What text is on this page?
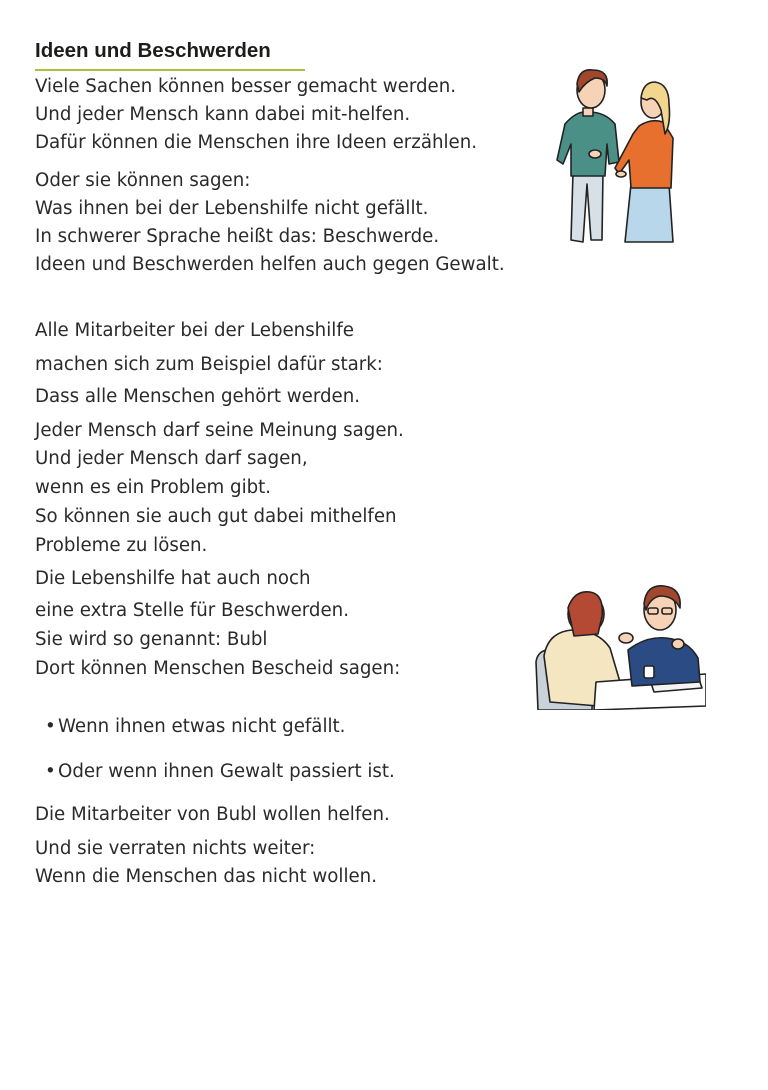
Ideen und Beschwerden

Viele Sachen können besser gemacht werden.

Und jeder Mensch kann dabei mit-helfen.

Dafür können die Menschen ihre Ideen erzählen.

Oder sie können sagen:

Was ihnen bei der Lebenshilfe nicht gefällt.

In schwerer Sprache heißt das: Beschwerde.

Ideen und Beschwerden helfen auch gegen Gewalt.

Alle Mitarbeiter bei der Lebenshilfe

machen sich zum Beispiel dafür stark:

Dass alle Menschen gehört werden.

Jeder Mensch darf seine Meinung sagen.

Und jeder Mensch darf sagen,

wenn es ein Problem gibt.

So können sie auch gut dabei mithelfen

Probleme zu lösen.

Die Lebenshilfe hat auch noch

eine extra Stelle für Beschwerden.

Sie wird so genannt: Bubl

Dort können Menschen Bescheid sagen:

• Wenn ihnen etwas nicht gefällt.

• Oder wenn ihnen Gewalt passiert ist.

Die Mitarbeiter von Bubl wollen helfen.

Und sie verraten nichts weiter:

Wenn die Menschen das nicht wollen.
